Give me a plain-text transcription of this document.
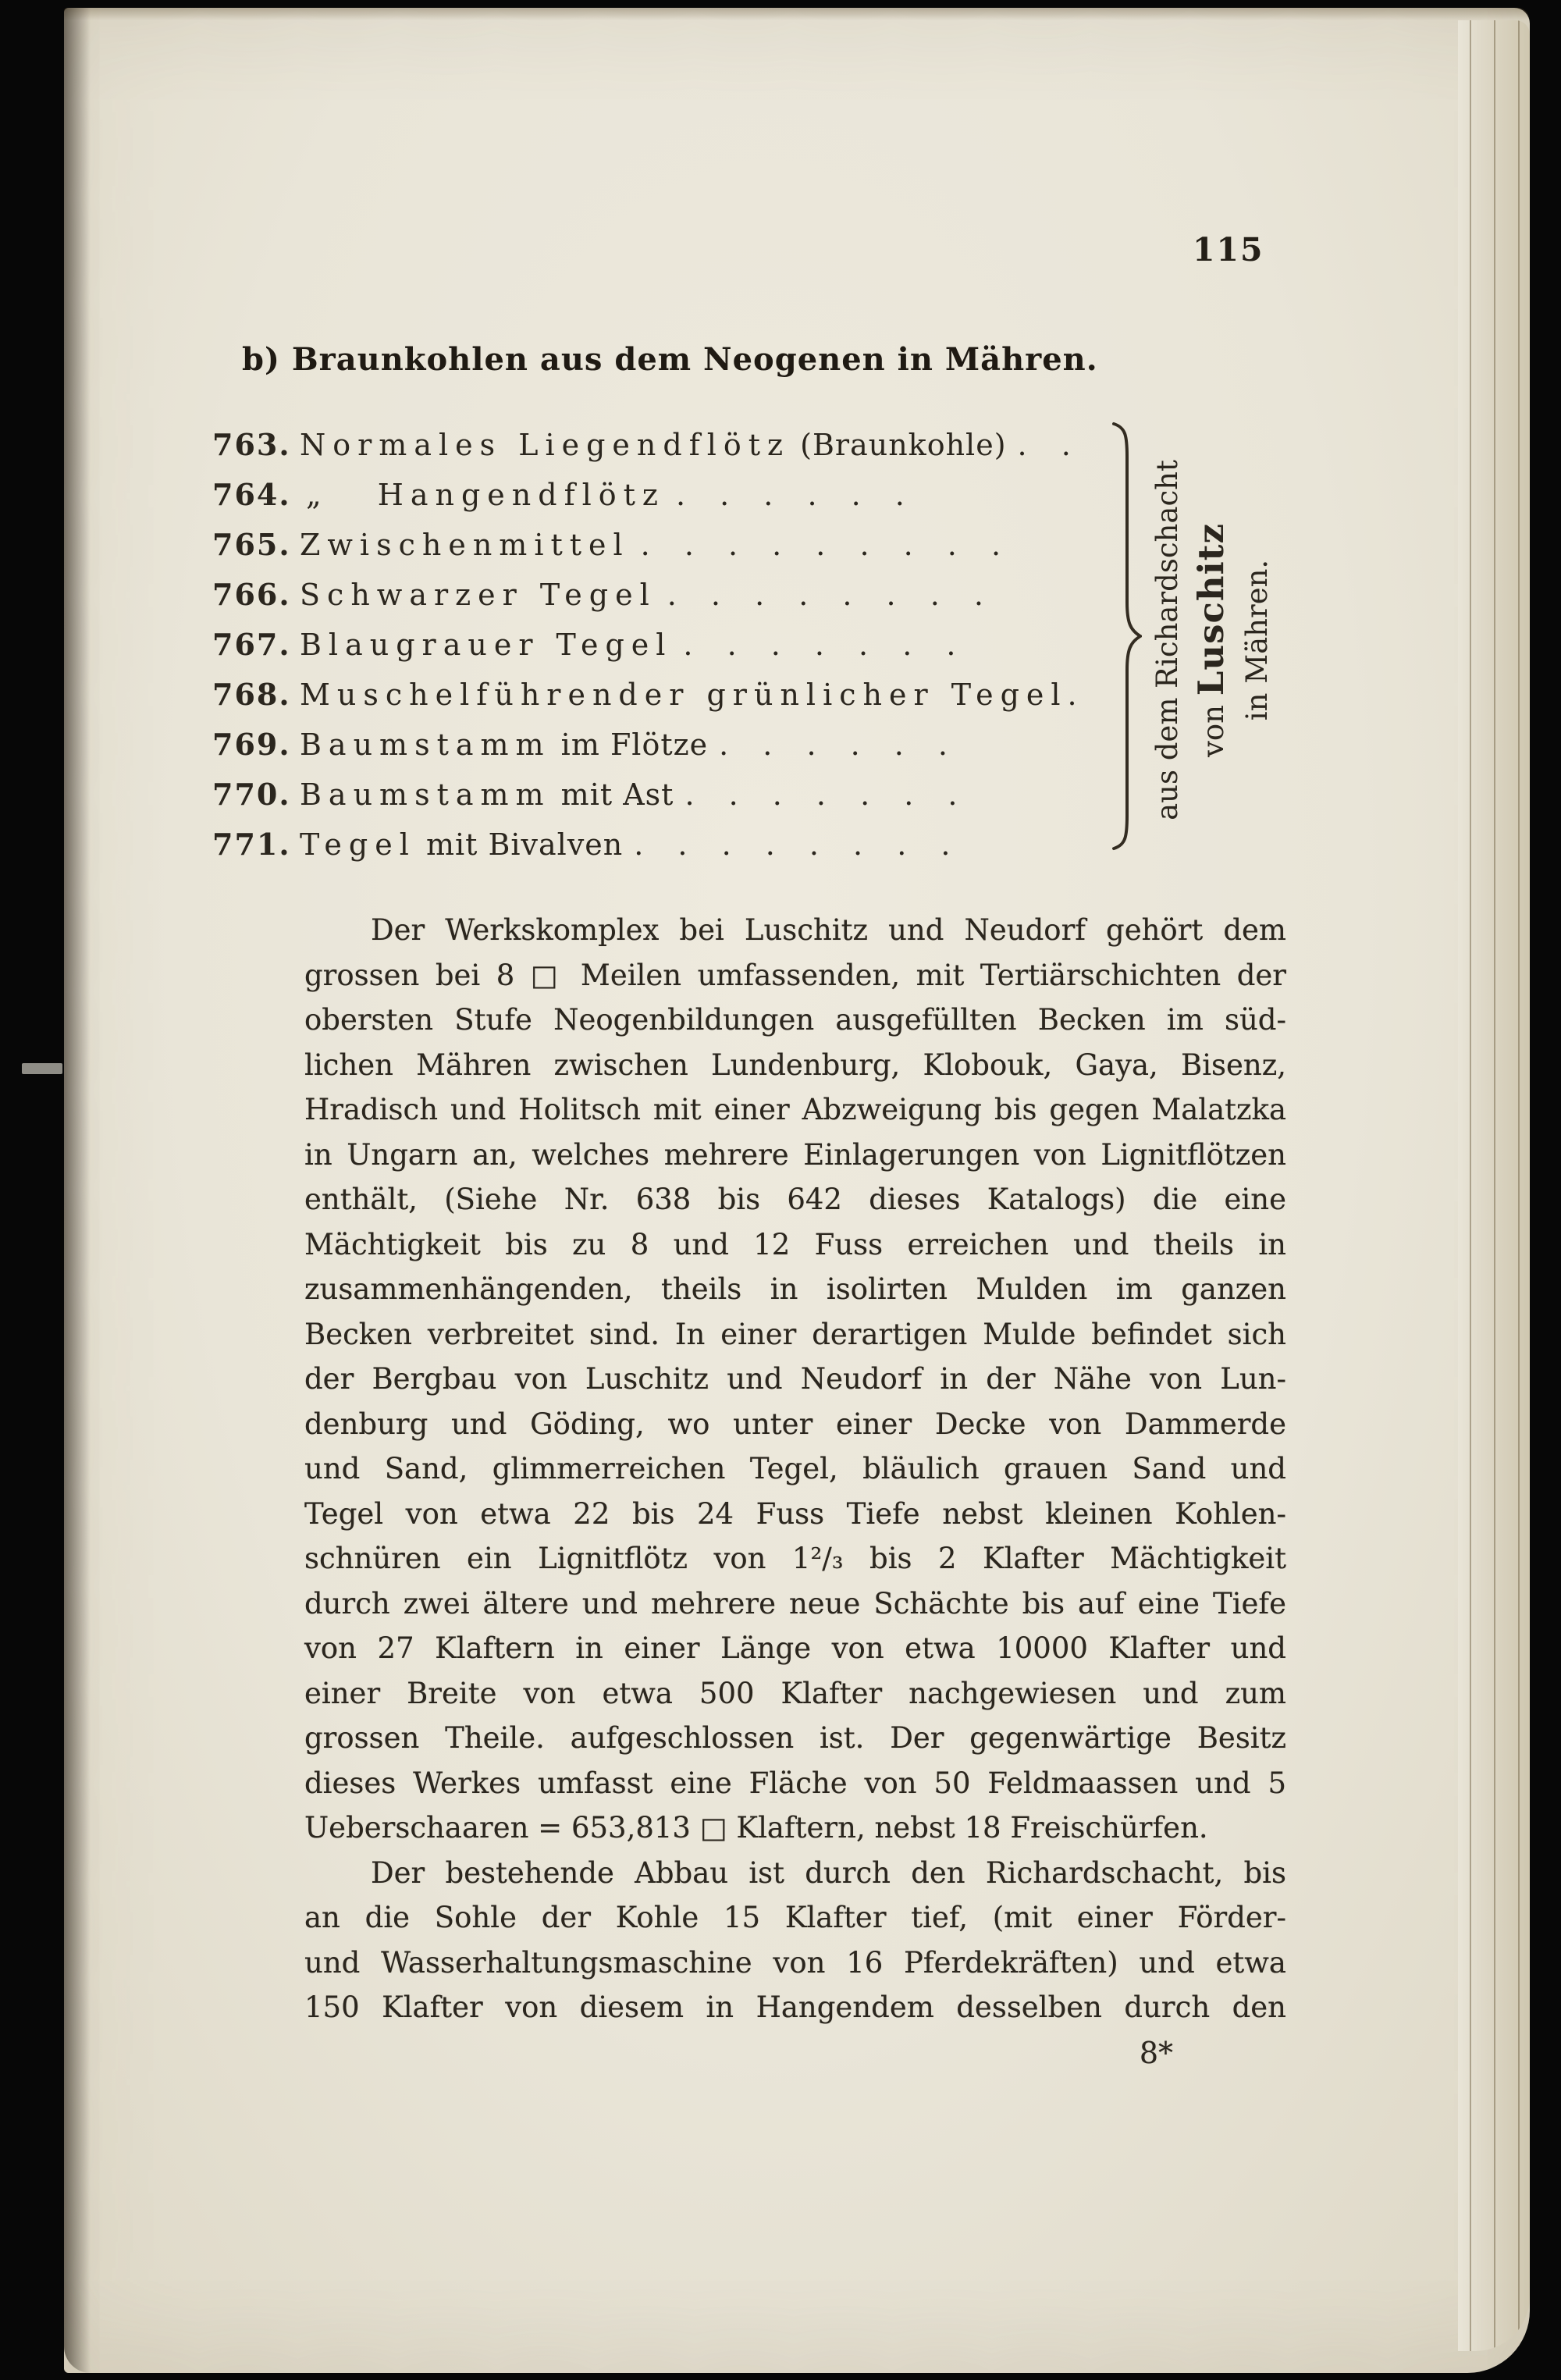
115
b) Braunkohlen aus dem Neogenen in Mähren.
763. Normales Liegendflötz (Braunkohle) . .
764. „ Hangendflötz . . . . . .
765. Zwischenmittel . . . . . . . . .
766. Schwarzer Tegel . . . . . . . .
767. Blaugrauer Tegel . . . . . . .
768. Muschelführender grünlicher Tegel.
769. Baumstamm im Flötze . . . . . .
770. Baumstamm mit Ast . . . . . . .
771. Tegel mit Bivalven . . . . . . . .
aus dem Richardschacht von Luschitz in Mähren.
Der Werkskomplex bei Luschitz und Neudorf gehört dem
grossen bei 8 □ Meilen umfassenden, mit Tertiärschichten der
obersten Stufe Neogenbildungen ausgefüllten Becken im süd-
lichen Mähren zwischen Lundenburg, Klobouk, Gaya, Bisenz,
Hradisch und Holitsch mit einer Abzweigung bis gegen Malatzka
in Ungarn an, welches mehrere Einlagerungen von Lignitflötzen
enthält, (Siehe Nr. 638 bis 642 dieses Katalogs) die eine
Mächtigkeit bis zu 8 und 12 Fuss erreichen und theils in
zusammenhängenden, theils in isolirten Mulden im ganzen
Becken verbreitet sind. In einer derartigen Mulde befindet sich
der Bergbau von Luschitz und Neudorf in der Nähe von Lun-
denburg und Göding, wo unter einer Decke von Dammerde
und Sand, glimmerreichen Tegel, bläulich grauen Sand und
Tegel von etwa 22 bis 24 Fuss Tiefe nebst kleinen Kohlen-
schnüren ein Lignitflötz von 1²/₃ bis 2 Klafter Mächtigkeit
durch zwei ältere und mehrere neue Schächte bis auf eine Tiefe
von 27 Klaftern in einer Länge von etwa 10000 Klafter und
einer Breite von etwa 500 Klafter nachgewiesen und zum
grossen Theile. aufgeschlossen ist. Der gegenwärtige Besitz
dieses Werkes umfasst eine Fläche von 50 Feldmaassen und 5
Ueberschaaren = 653,813 □ Klaftern, nebst 18 Freischürfen.
Der bestehende Abbau ist durch den Richardschacht, bis
an die Sohle der Kohle 15 Klafter tief, (mit einer Förder-
und Wasserhaltungsmaschine von 16 Pferdekräften) und etwa
150 Klafter von diesem in Hangendem desselben durch den
8*
